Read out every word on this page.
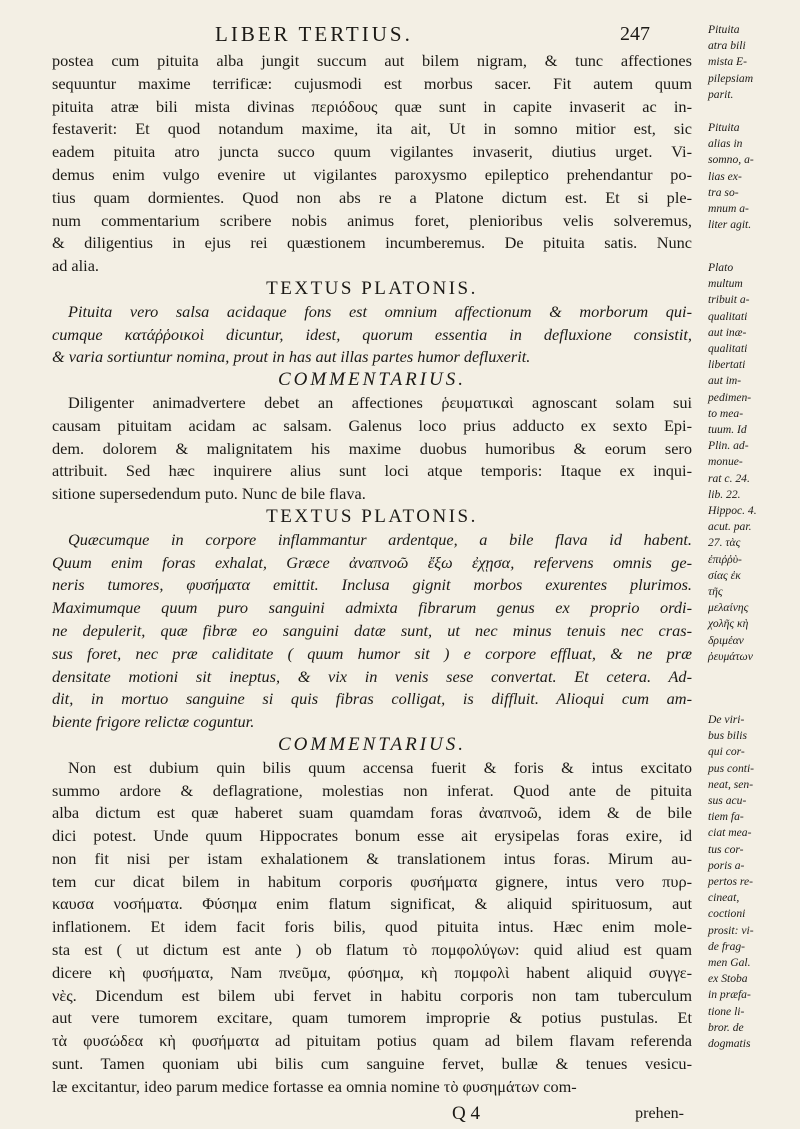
LIBER TERTIUS.	247
postea cum pituita alba jungit succum aut bilem nigram, & tunc affectiones
sequuntur maxime terrificæ: cujusmodi est morbus sacer. Fit autem quum
pituita atræ bili mista divinas περιόδους quæ sunt in capite invaserit ac in-
festaverit: Et quod notandum maxime, ita ait, Ut in somno mitior est, sic
eadem pituita atro juncta succo quum vigilantes invaserit, diutius urget. Vi-
demus enim vulgo evenire ut vigilantes paroxysmo epileptico prehendantur po-
tius quam dormientes. Quod non abs re a Platone dictum est. Et si ple-
num commentarium scribere nobis animus foret, plenioribus velis solveremus,
& diligentius in ejus rei quæstionem incumberemus. De pituita satis. Nunc
ad alia.
TEXTUS PLATONIS.
Pituita vero salsa acidaque fons est omnium affectionum & morborum qui-
cumque κατάῤῥοικοὶ dicuntur, idest, quorum essentia in defluxione consistit,
& varia sortiuntur nomina, prout in has aut illas partes humor defluxerit.
COMMENTARIUS.
Diligenter animadvertere debet an affectiones ῥευματικαὶ agnoscant solam sui
causam pituitam acidam ac salsam. Galenus loco prius adducto ex sexto Epi-
dem. dolorem & malignitatem his maxime duobus humoribus & eorum sero
attribuit. Sed hæc inquirere alius sunt loci atque temporis: Itaque ex inqui-
sitione supersedendum puto. Nunc de bile flava.
TEXTUS PLATONIS.
Quæcumque in corpore inflammantur ardentque, a bile flava id habent.
Quum enim foras exhalat, Græce ἀναπνοῶ ἔξω ἐχῃσα, refervens omnis ge-
neris tumores, φυσήματα emittit. Inclusa gignit morbos exurentes plurimos.
Maximumque quum puro sanguini admixta fibrarum genus ex proprio ordi-
ne depulerit, quæ fibræ eo sanguini datæ sunt, ut nec minus tenuis nec cras-
sus foret, nec præ caliditate ( quum humor sit ) e corpore effluat, & ne præ
densitate motioni sit ineptus, & vix in venis sese convertat. Et cetera. Ad-
dit, in mortuo sanguine si quis fibras colligat, is diffluit. Alioqui cum am-
biente frigore relictæ coguntur.
COMMENTARIUS.
Non est dubium quin bilis quum accensa fuerit & foris & intus excitato
summo ardore & deflagratione, molestias non inferat. Quod ante de pituita
alba dictum est quæ haberet suam quamdam foras ἀναπνοῶ, idem & de bile
dici potest. Unde quum Hippocrates bonum esse ait erysipelas foras exire, id
non fit nisi per istam exhalationem & translationem intus foras. Mirum au-
tem cur dicat bilem in habitum corporis φυσήματα gignere, intus vero πυρ-
καυσα νοσήματα. Φύσημα enim flatum significat, & aliquid spirituosum, aut
inflationem. Et idem facit foris bilis, quod pituita intus. Hæc enim mole-
sta est ( ut dictum est ante ) ob flatum τὸ πομφολύγων: quid aliud est quam
dicere κὴ φυσήματα, Nam πνεῦμα, φύσημα, κὴ πομφολὶ habent aliquid συγγε-
νὲς. Dicendum est bilem ubi fervet in habitu corporis non tam tuberculum
aut vere tumorem excitare, quam tumorem improprie & potius pustulas. Et
τὰ φυσώδεα κὴ φυσήματα ad pituitam potius quam ad bilem flavam referenda
sunt. Tamen quoniam ubi bilis cum sanguine fervet, bullæ & tenues vesicu-
læ excitantur, ideo parum medice fortasse ea omnia nomine τὸ φυσημάτων com-
Q 4	prehen-
Pituita
atra bili
mista E-
pilepsiam
parit.
Pituita
alias in
somno, a-
lias ex-
tra so-
mnum a-
liter agit.
Plato
multum
tribuit a-
qualitati
aut inæ-
qualitati
libertati
aut im-
pedimen-
to mea-
tuum. Id
Plin. ad-
monue-
rat c. 24.
lib. 22.
Hippoc. 4.
acut. par.
27. τὰς
ἐπιῤῥὺ-
σίας ἐκ
τῆς
μελαίνης
χολῆς κὴ
δριμέαν
ῥευμάτων
De viri-
bus bilis
qui cor-
pus conti-
neat, sen-
sus acu-
tiem fa-
ciat mea-
tus cor-
poris a-
pertos re-
cineat,
coctioni
prosit: vi-
de frag-
men Gal.
ex Stoba
in præfa-
tione li-
bror. de
dogmatis
